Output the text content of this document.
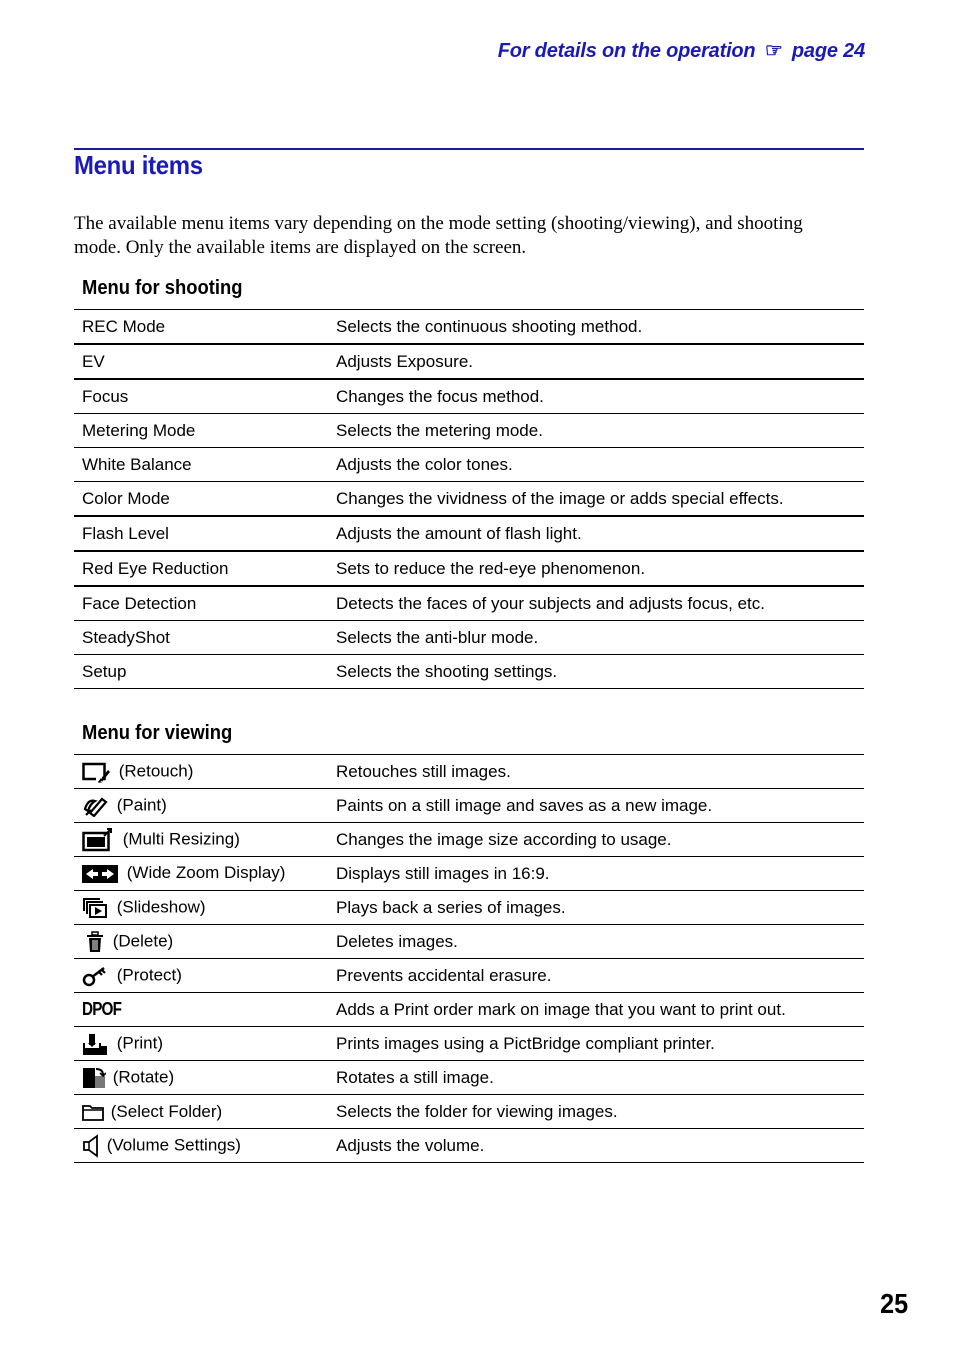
For details on the operation ☞ page 24
Menu items
The available menu items vary depending on the mode setting (shooting/viewing), and shooting mode. Only the available items are displayed on the screen.
Menu for shooting
REC Mode	Selects the continuous shooting method.
EV	Adjusts Exposure.
Focus	Changes the focus method.
Metering Mode	Selects the metering mode.
White Balance	Adjusts the color tones.
Color Mode	Changes the vividness of the image or adds special effects.
Flash Level	Adjusts the amount of flash light.
Red Eye Reduction	Sets to reduce the red-eye phenomenon.
Face Detection	Detects the faces of your subjects and adjusts focus, etc.
SteadyShot	Selects the anti-blur mode.
Setup	Selects the shooting settings.
Menu for viewing
(Retouch)	Retouches still images.

(Paint)	Paints on a still image and saves as a new image.

(Multi Resizing)	Changes the image size according to usage.

(Wide Zoom Display)	Displays still images in 16:9.

(Slideshow)	Plays back a series of images.

(Delete)	Deletes images.

(Protect)	Prevents accidental erasure.
DPOF	Adds a Print order mark on image that you want to print out.

(Print)	Prints images using a PictBridge compliant printer.

(Rotate)	Rotates a still image.

(Select Folder)	Selects the folder for viewing images.

(Volume Settings)	Adjusts the volume.
25
